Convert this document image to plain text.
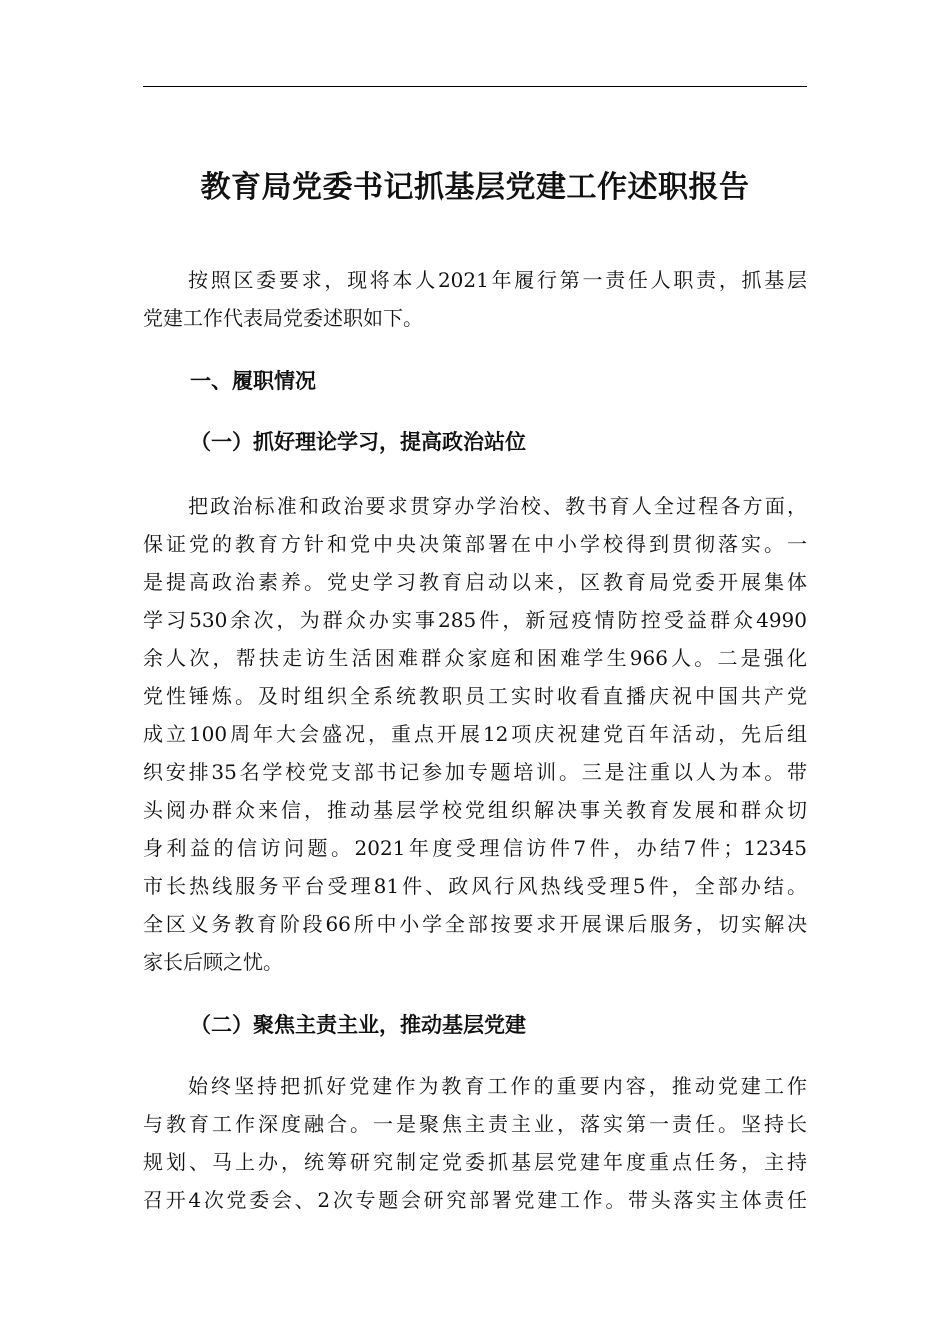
教育局党委书记抓基层党建工作述职报告
按照区委要求，现将本人2021年履行第一责任人职责，抓基层
党建工作代表局党委述职如下。
一、履职情况
（一）抓好理论学习，提高政治站位
把政治标准和政治要求贯穿办学治校、教书育人全过程各方面，
保证党的教育方针和党中央决策部署在中小学校得到贯彻落实。一
是提高政治素养。党史学习教育启动以来，区教育局党委开展集体
学习530余次，为群众办实事285件，新冠疫情防控受益群众4990
余人次，帮扶走访生活困难群众家庭和困难学生966人。二是强化
党性锤炼。及时组织全系统教职员工实时收看直播庆祝中国共产党
成立100周年大会盛况，重点开展12项庆祝建党百年活动，先后组
织安排35名学校党支部书记参加专题培训。三是注重以人为本。带
头阅办群众来信，推动基层学校党组织解决事关教育发展和群众切
身利益的信访问题。2021年度受理信访件7件，办结7件；12345
市长热线服务平台受理81件、政风行风热线受理5件，全部办结。
全区义务教育阶段66所中小学全部按要求开展课后服务，切实解决
家长后顾之忧。
（二）聚焦主责主业，推动基层党建
始终坚持把抓好党建作为教育工作的重要内容，推动党建工作
与教育工作深度融合。一是聚焦主责主业，落实第一责任。坚持长
规划、马上办，统筹研究制定党委抓基层党建年度重点任务，主持
召开4次党委会、2次专题会研究部署党建工作。带头落实主体责任
